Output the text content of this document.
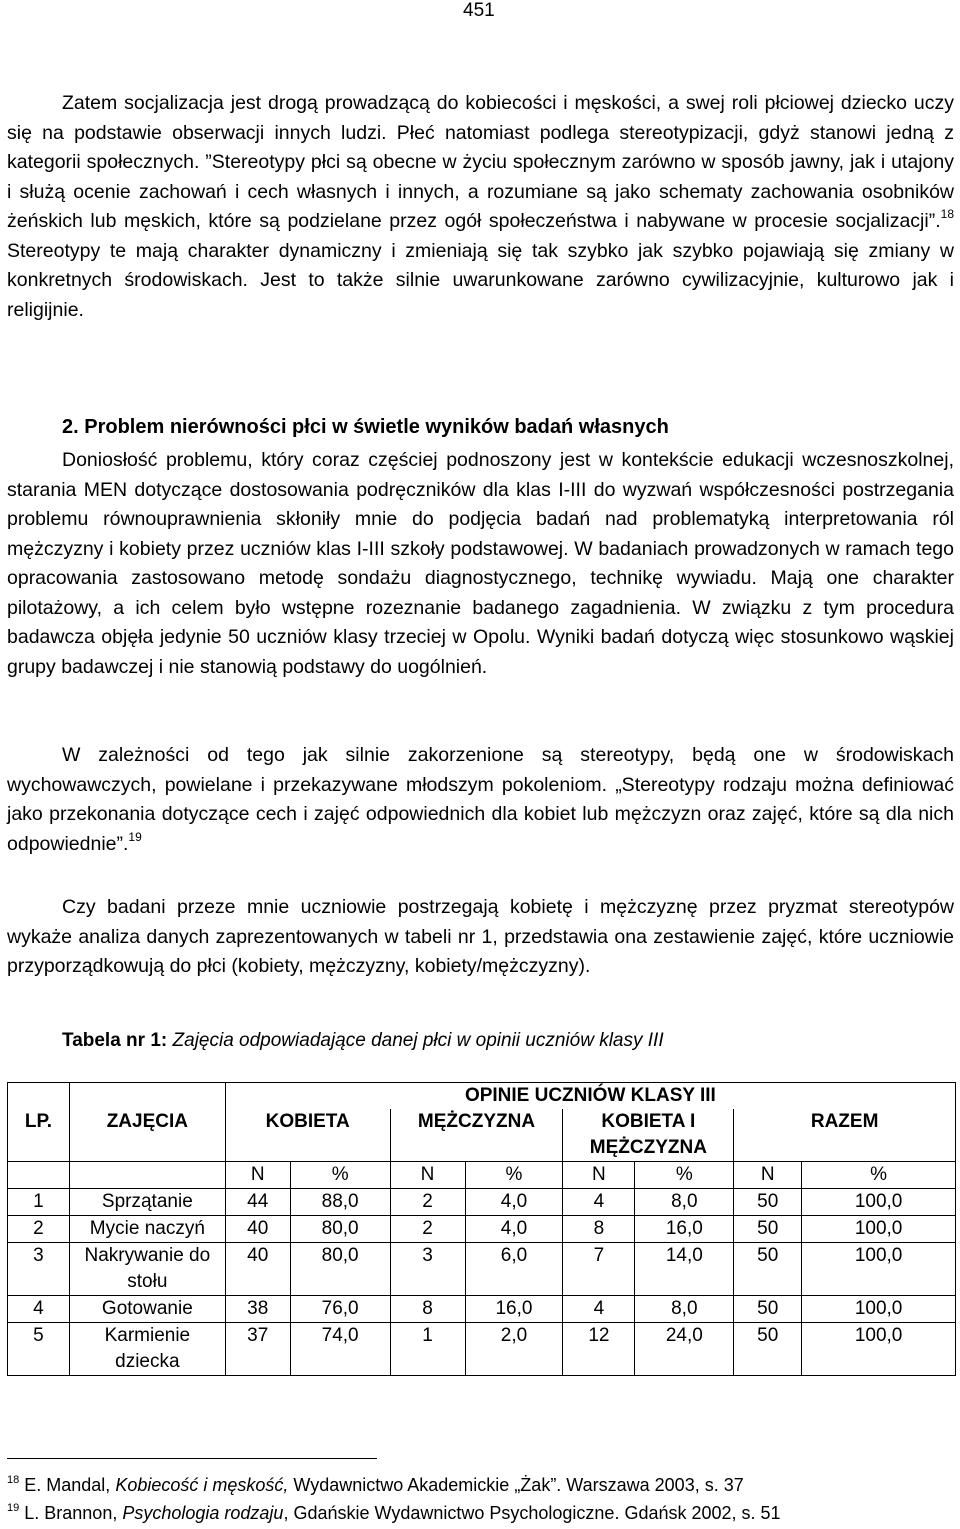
451

Zatem socjalizacja jest drogą prowadzącą do kobiecości i męskości, a swej roli płciowej dziecko uczy się na podstawie obserwacji innych ludzi. Płeć natomiast podlega stereotypizacji, gdyż stanowi jedną z kategorii społecznych. ”Stereotypy płci są obecne w życiu społecznym zarówno w sposób jawny, jak i utajony i służą ocenie zachowań i cech własnych i innych, a rozumiane są jako schematy zachowania osobników żeńskich lub męskich, które są podzielane przez ogół społeczeństwa i nabywane w procesie socjalizacji”.$^{18}$ Stereotypy te mają charakter dynamiczny i zmieniają się tak szybko jak szybko pojawiają się zmiany w konkretnych środowiskach. Jest to także silnie uwarunkowane zarówno cywilizacyjnie, kulturowo jak i religijnie.

2. Problem nierówności płci w świetle wyników badań własnych

Doniosłość problemu, który coraz częściej podnoszony jest w kontekście edukacji wczesnoszkolnej, starania MEN dotyczące dostosowania podręczników dla klas I-III do wyzwań współczesności postrzegania problemu równouprawnienia skłoniły mnie do podjęcia badań nad problematyką interpretowania ról mężczyzny i kobiety przez uczniów klas I-III szkoły podstawowej. W badaniach prowadzonych w ramach tego opracowania zastosowano metodę sondażu diagnostycznego, technikę wywiadu. Mają one charakter pilotażowy, a ich celem było wstępne rozeznanie badanego zagadnienia. W związku z tym procedura badawcza objęła jedynie 50 uczniów klasy trzeciej w Opolu. Wyniki badań dotyczą więc stosunkowo wąskiej grupy badawczej i nie stanowią podstawy do uogólnień.

W zależności od tego jak silnie zakorzenione są stereotypy, będą one w środowiskach wychowawczych, powielane i przekazywane młodszym pokoleniom. „Stereotypy rodzaju można definiować jako przekonania dotyczące cech i zajęć odpowiednich dla kobiet lub mężczyzn oraz zajęć, które są dla nich odpowiednie”.$^{19}$

Czy badani przeze mnie uczniowie postrzegają kobietę i mężczyznę przez pryzmat stereotypów wykaże analiza danych zaprezentowanych w tabeli nr 1, przedstawia ona zestawienie zajęć, które uczniowie przyporządkowują do płci (kobiety, mężczyzny, kobiety/mężczyzny).

Tabela nr 1: Zajęcia odpowiadające danej płci w opinii uczniów klasy III

LP.	ZAJĘCIA	OPINIE UCZNIÓW KLASY III							
		KOBIETA		MĘŻCZYZNA		KOBIETA I MĘŻCZYZNA		RAZEM	
		N	%	N	%	N	%	N	%
1	Sprzątanie	44	88,0	2	4,0	4	8,0	50	100,0
2	Mycie naczyń	40	80,0	2	4,0	8	16,0	50	100,0
3	Nakrywanie do stołu	40	80,0	3	6,0	7	14,0	50	100,0
4	Gotowanie	38	76,0	8	16,0	4	8,0	50	100,0
5	Karmienie dziecka	37	74,0	1	2,0	12	24,0	50	100,0

$^{18}$ E. Mandal, Kobiecość i męskość, Wydawnictwo Akademickie „Żak”. Warszawa 2003, s. 37

$^{19}$ L. Brannon, Psychologia rodzaju, Gdańskie Wydawnictwo Psychologiczne. Gdańsk 2002, s. 51
